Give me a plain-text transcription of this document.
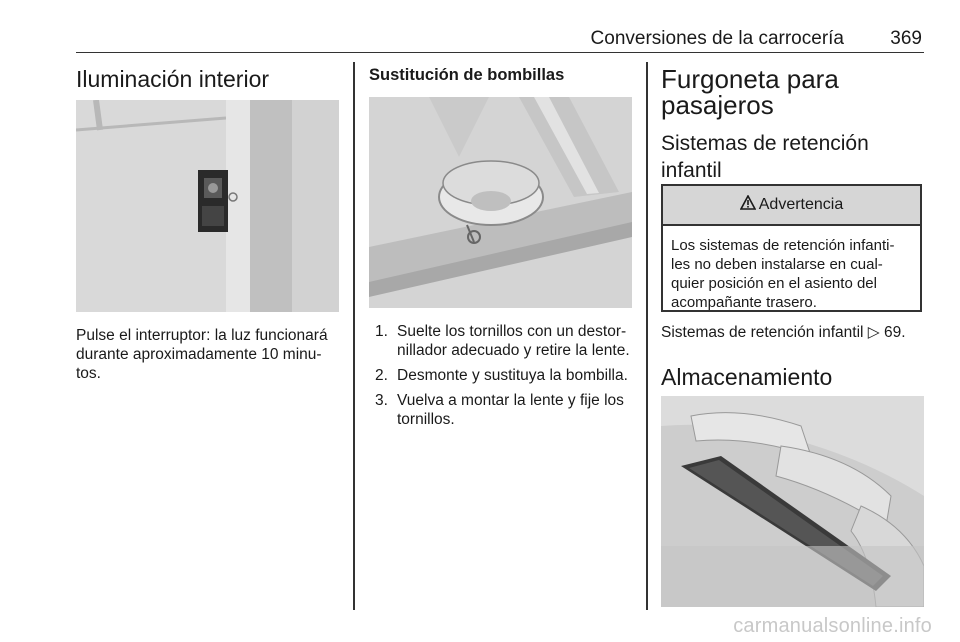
Conversiones de la carrocería 369
Iluminación interior

Pulse el interruptor: la luz funcionará durante aproximadamente 10 minu-tos.

Sustitución de bombillas
1. Suelte los tornillos con un destor-nillador adecuado y retire la lente.
2. Desmonte y sustituya la bombilla.
3. Vuelva a montar la lente y fije los tornillos.
Furgoneta para pasajeros
Sistemas de retención infantil
Advertencia
Los sistemas de retención infanti-les no deben instalarse en cual-quier posición en el asiento del acompañante trasero.

Sistemas de retención infantil ▷ 69.

Almacenamiento
carmanualsonline.info
